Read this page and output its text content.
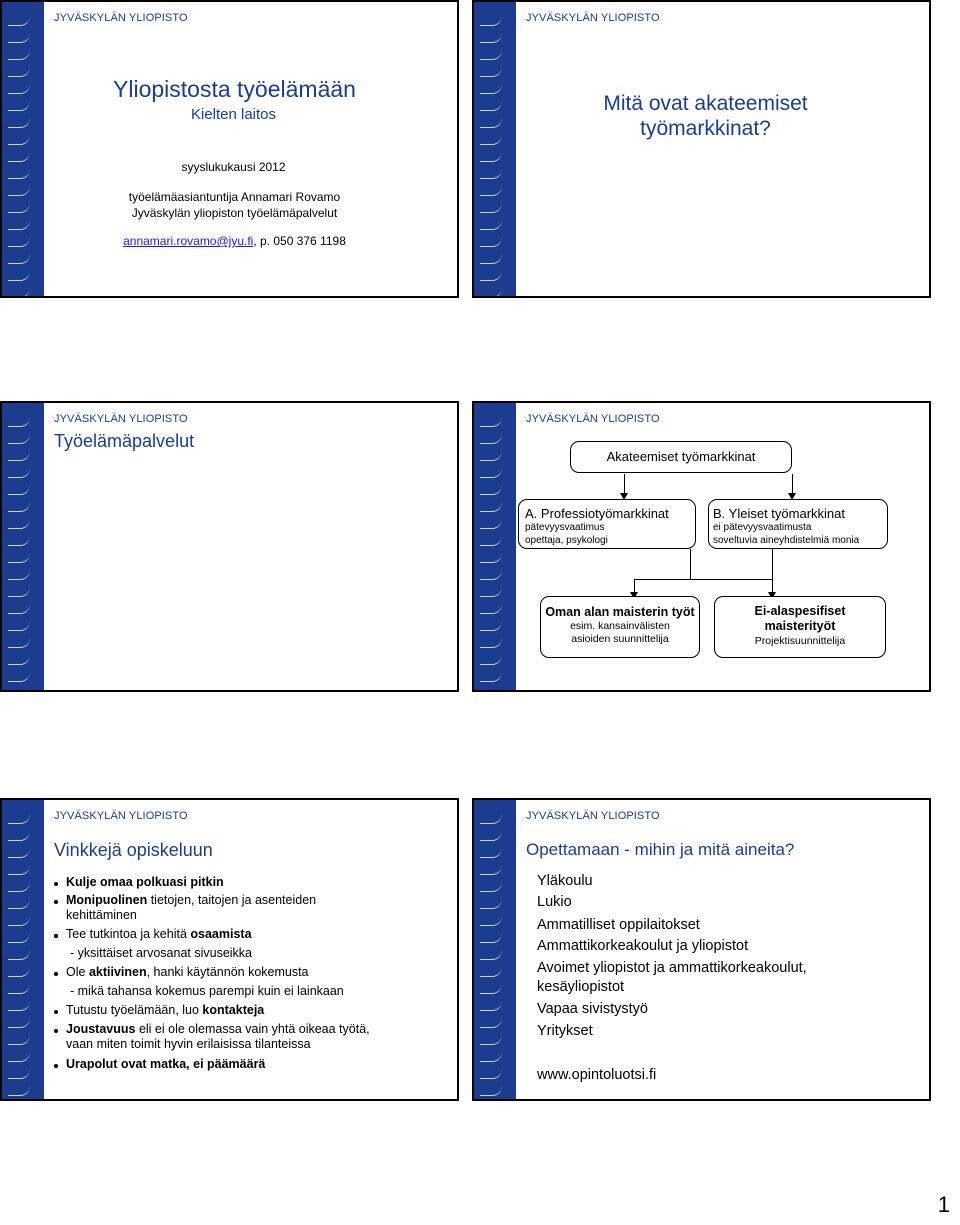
JYVÄSKYLÄN YLIOPISTO
Yliopistosta työelämään
Kielten laitos
syyslukukausi 2012
työelämäasiantuntija Annamari Rovamo
Jyväskylän yliopiston työelämäpalvelut
annamari.rovamo@jyu.fi, p. 050 376 1198
JYVÄSKYLÄN YLIOPISTO
Mitä ovat akateemiset
työmarkkinat?
JYVÄSKYLÄN YLIOPISTO
Työelämäpalvelut
JYVÄSKYLÄN YLIOPISTO
Akateemiset työmarkkinat
A. Professiotyömarkkinat
pätevyysvaatimus
opettaja, psykologi
B. Yleiset työmarkkinat
ei pätevyysvaatimusta
soveltuvia aineyhdistelmiä monia
Oman alan maisterin työt
esim. kansainvälisten
asioiden suunnittelija
Ei-alaspesifiset
maisterityöt
Projektisuunnittelija
JYVÄSKYLÄN YLIOPISTO
Vinkkejä opiskeluun
Kulje omaa polkuasi pitkin
Monipuolinen tietojen, taitojen ja asenteiden
kehittäminen
Tee tutkintoa ja kehitä osaamista
- yksittäiset arvosanat sivuseikka
Ole aktiivinen, hanki käytännön kokemusta
- mikä tahansa kokemus parempi kuin ei lainkaan
Tutustu työelämään, luo kontakteja
Joustavuus eli ei ole olemassa vain yhtä oikeaa työtä,
vaan miten toimit hyvin erilaisissa tilanteissa
Urapolut ovat matka, ei päämäärä
JYVÄSKYLÄN YLIOPISTO
Opettamaan - mihin ja mitä aineita?
Yläkoulu
Lukio
Ammatilliset oppilaitokset
Ammattikorkeakoulut ja yliopistot
Avoimet yliopistot ja ammattikorkeakoulut,
kesäyliopistot
Vapaa sivistystyö
Yritykset
www.opintoluotsi.fi
1
